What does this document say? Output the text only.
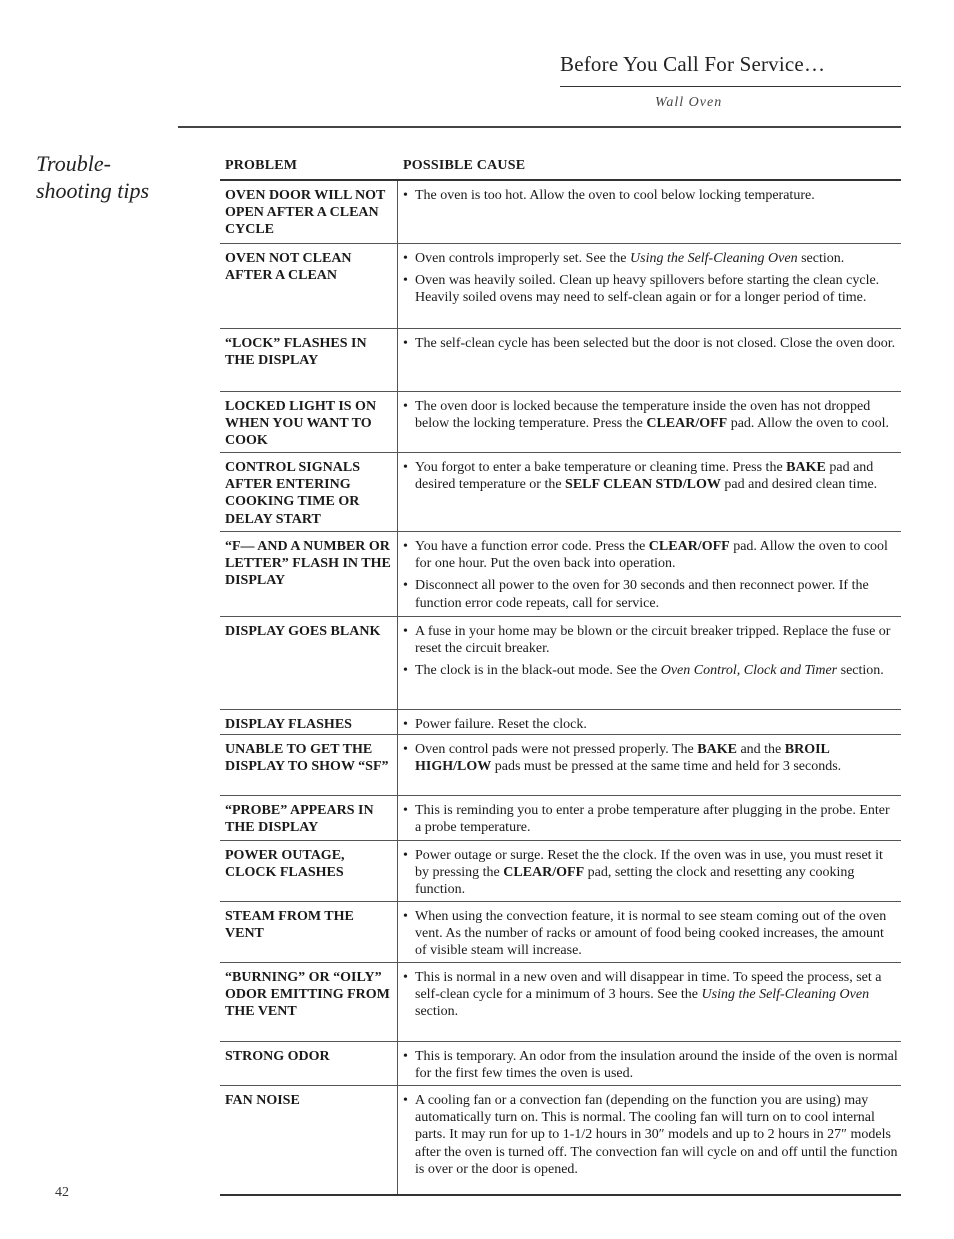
Before You Call For Service…
Wall Oven
Trouble-
shooting tips
PROBLEM	POSSIBLE CAUSE
OVEN DOOR WILL NOT OPEN AFTER A CLEAN CYCLE
• The oven is too hot. Allow the oven to cool below locking temperature.
OVEN NOT CLEAN AFTER A CLEAN
• Oven controls improperly set. See the Using the Self-Cleaning Oven section.
• Oven was heavily soiled. Clean up heavy spillovers before starting the clean cycle. Heavily soiled ovens may need to self-clean again or for a longer period of time.
“LOCK” FLASHES IN THE DISPLAY
• The self-clean cycle has been selected but the door is not closed. Close the oven door.
LOCKED LIGHT IS ON WHEN YOU WANT TO COOK
• The oven door is locked because the temperature inside the oven has not dropped below the locking temperature. Press the CLEAR/OFF pad. Allow the oven to cool.
CONTROL SIGNALS AFTER ENTERING COOKING TIME OR DELAY START
• You forgot to enter a bake temperature or cleaning time. Press the BAKE pad and desired temperature or the SELF CLEAN STD/LOW pad and desired clean time.
“F— AND A NUMBER OR LETTER” FLASH IN THE DISPLAY
• You have a function error code. Press the CLEAR/OFF pad. Allow the oven to cool for one hour. Put the oven back into operation.
• Disconnect all power to the oven for 30 seconds and then reconnect power. If the function error code repeats, call for service.
DISPLAY GOES BLANK	• A fuse in your home may be blown or the circuit breaker tripped. Replace the fuse or reset the circuit breaker.
• The clock is in the black-out mode. See the Oven Control, Clock and Timer section.
DISPLAY FLASHES	• Power failure. Reset the clock.
UNABLE TO GET THE DISPLAY TO SHOW “SF”
• Oven control pads were not pressed properly. The BAKE and the BROIL HIGH/LOW pads must be pressed at the same time and held for 3 seconds.
“PROBE” APPEARS IN THE DISPLAY
• This is reminding you to enter a probe temperature after plugging in the probe. Enter a probe temperature.
POWER OUTAGE, CLOCK FLASHES
• Power outage or surge. Reset the the clock. If the oven was in use, you must reset it by pressing the CLEAR/OFF pad, setting the clock and resetting any cooking function.
STEAM FROM THE VENT
• When using the convection feature, it is normal to see steam coming out of the oven vent. As the number of racks or amount of food being cooked increases, the amount of visible steam will increase.
“BURNING” OR “OILY” ODOR EMITTING FROM THE VENT
• This is normal in a new oven and will disappear in time. To speed the process, set a self-clean cycle for a minimum of 3 hours. See the Using the Self-Cleaning Oven section.
STRONG ODOR	• This is temporary. An odor from the insulation around the inside of the oven is normal for the first few times the oven is used.
FAN NOISE	• A cooling fan or a convection fan (depending on the function you are using) may automatically turn on. This is normal. The cooling fan will turn on to cool internal parts. It may run for up to 1-1/2 hours in 30″ models and up to 2 hours in 27″ models after the oven is turned off. The convection fan will cycle on and off until the function is over or the door is opened.
42
